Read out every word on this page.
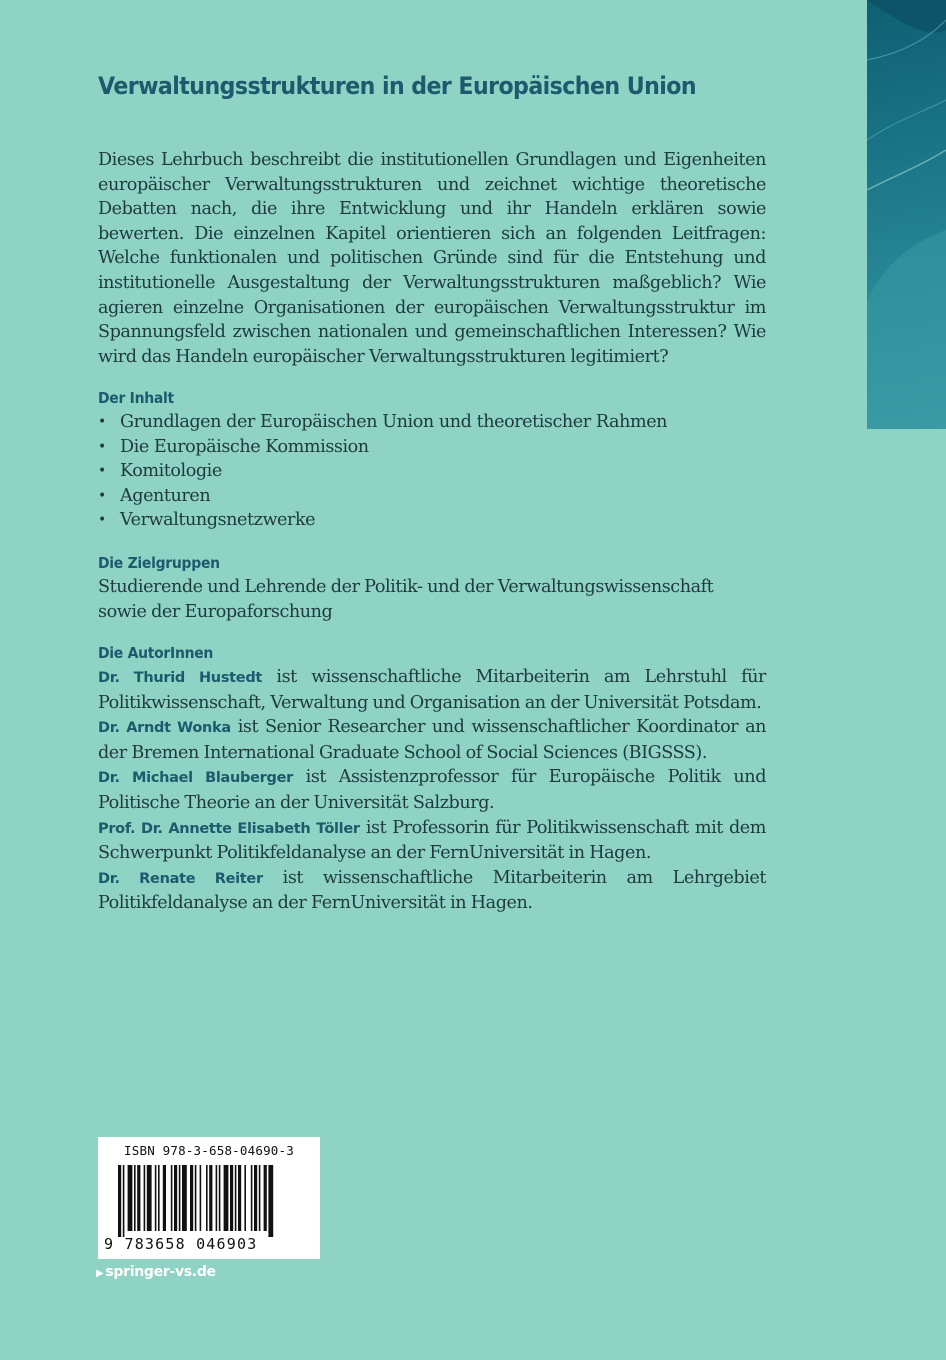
Verwaltungsstrukturen in der Europäischen Union

Dieses Lehrbuch beschreibt die institutionellen Grundlagen und Eigenheiten europäischer Verwaltungsstrukturen und zeichnet wichtige theoretische Debatten nach, die ihre Entwicklung und ihr Handeln erklären sowie bewerten. Die einzelnen Kapitel orientieren sich an folgenden Leitfragen: Welche funktionalen und politischen Gründe sind für die Entstehung und institutionelle Ausgestaltung der Verwaltungsstrukturen maßgeblich? Wie agieren einzelne Organisationen der europäischen Verwaltungsstruktur im Spannungsfeld zwischen nationalen und gemeinschaftlichen Interessen? Wie wird das Handeln europäischer Verwaltungsstrukturen legitimiert?

Der Inhalt
• Grundlagen der Europäischen Union und theoretischer Rahmen
• Die Europäische Kommission
• Komitologie
• Agenturen
• Verwaltungsnetzwerke
Die Zielgruppen

Studierende und Lehrende der Politik- und der Verwaltungswissenschaft sowie der Europaforschung

Die AutorInnen

Dr. Thurid Hustedt ist wissenschaftliche Mitarbeiterin am Lehrstuhl für Politikwissenschaft, Verwaltung und Organisation an der Universität Potsdam.

Dr. Arndt Wonka ist Senior Researcher und wissenschaftlicher Koordinator an der Bremen International Graduate School of Social Sciences (BIGSSS).

Dr. Michael Blauberger ist Assistenzprofessor für Europäische Politik und Politische Theorie an der Universität Salzburg.

Prof. Dr. Annette Elisabeth Töller ist Professorin für Politikwissenschaft mit dem Schwerpunkt Politikfeldanalyse an der FernUniversität in Hagen.

Dr. Renate Reiter ist wissenschaftliche Mitarbeiterin am Lehrgebiet Politikfeldanalyse an der FernUniversität in Hagen.

ISBN 978-3-658-04690-3
9 783658 046903
▶ springer-vs.de
